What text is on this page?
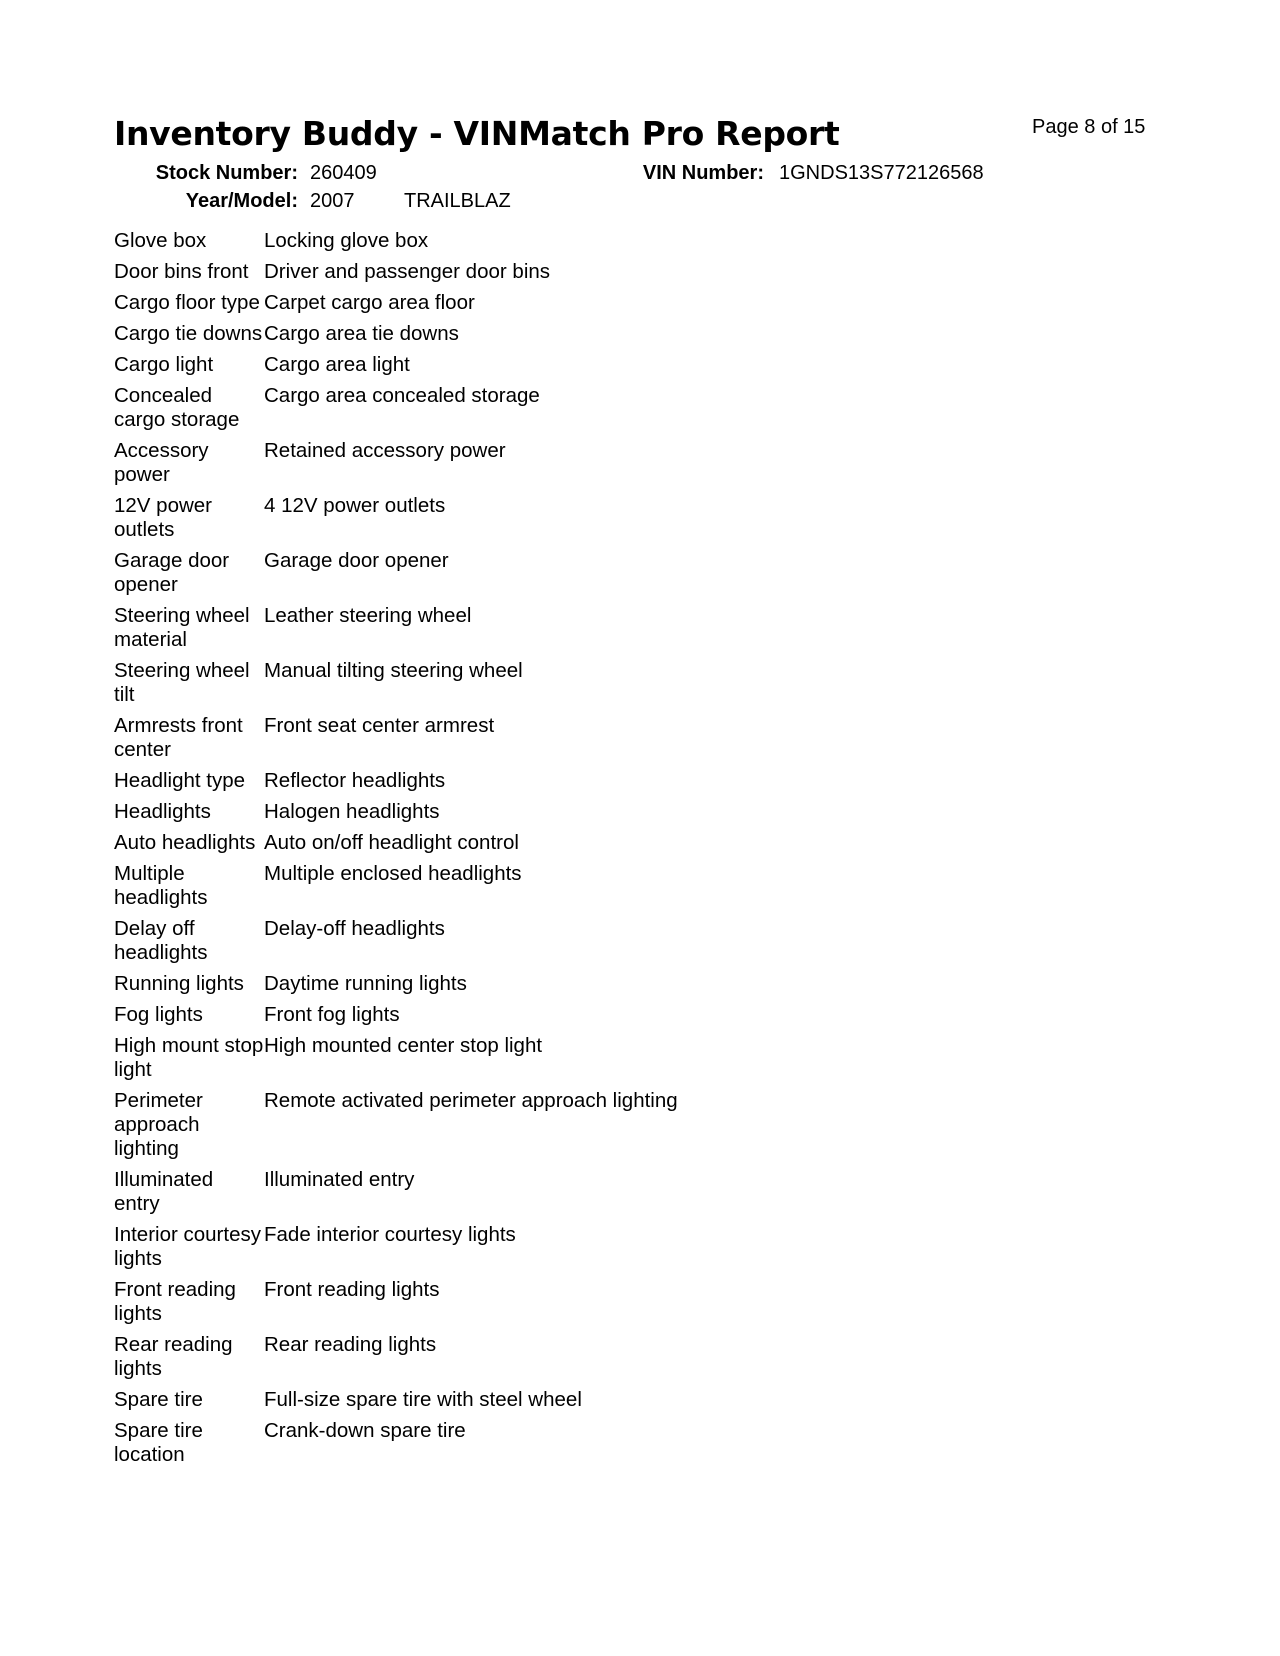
Inventory Buddy - VINMatch Pro Report	Page 8 of 15
Stock Number: 260409	VIN Number: 1GNDS13S772126568
Year/Model: 2007 TRAILBLAZ
Glove box	Locking glove box
Door bins front	Driver and passenger door bins
Cargo floor type	Carpet cargo area floor
Cargo tie downs	Cargo area tie downs
Cargo light	Cargo area light
Concealed cargo storage	Cargo area concealed storage
Accessory power	Retained accessory power
12V power outlets	4 12V power outlets
Garage door opener	Garage door opener
Steering wheel material	Leather steering wheel
Steering wheel tilt	Manual tilting steering wheel
Armrests front center	Front seat center armrest
Headlight type	Reflector headlights
Headlights	Halogen headlights
Auto headlights	Auto on/off headlight control
Multiple headlights	Multiple enclosed headlights
Delay off headlights	Delay-off headlights
Running lights	Daytime running lights
Fog lights	Front fog lights
High mount stop light	High mounted center stop light
Perimeter approach lighting	Remote activated perimeter approach lighting
Illuminated entry	Illuminated entry
Interior courtesy lights	Fade interior courtesy lights
Front reading lights	Front reading lights
Rear reading lights	Rear reading lights
Spare tire	Full-size spare tire with steel wheel
Spare tire location	Crank-down spare tire
